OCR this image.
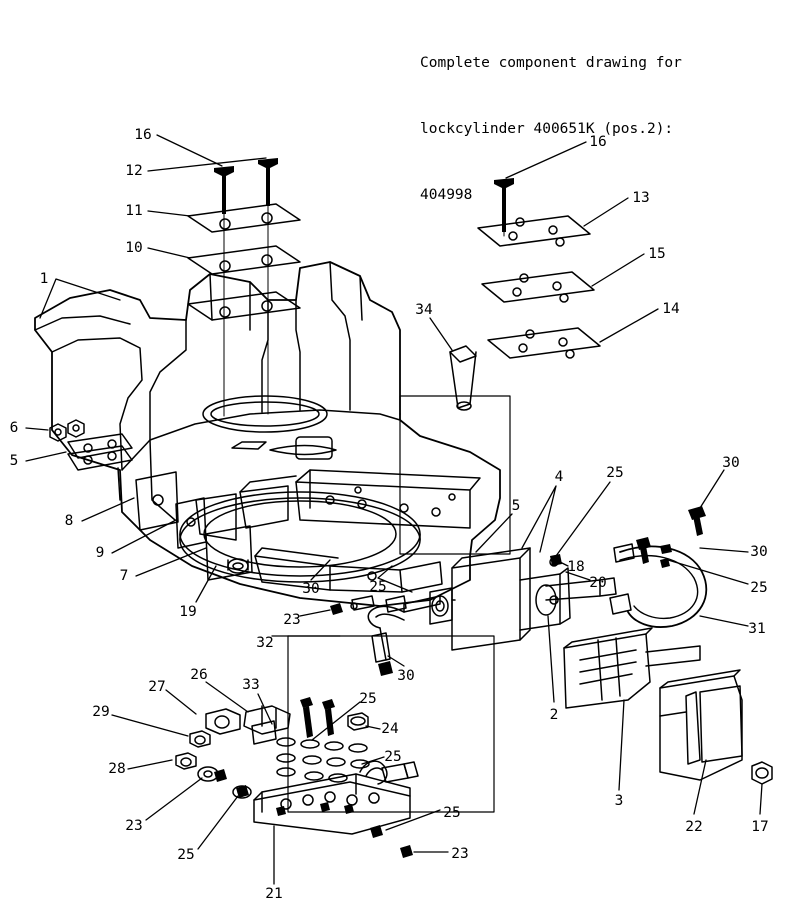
Complete component drawing for

lockcylinder 400651K (pos.2):

404998

16
12
11
10
1
16
13
15
14
34
6
5
8
9
7
19
30	25
23
32
30
5
4	25
30
30
25
18
20
31
2
3
22	17
27
26
33
29
28
23
25
21
25
24
25
25
23
